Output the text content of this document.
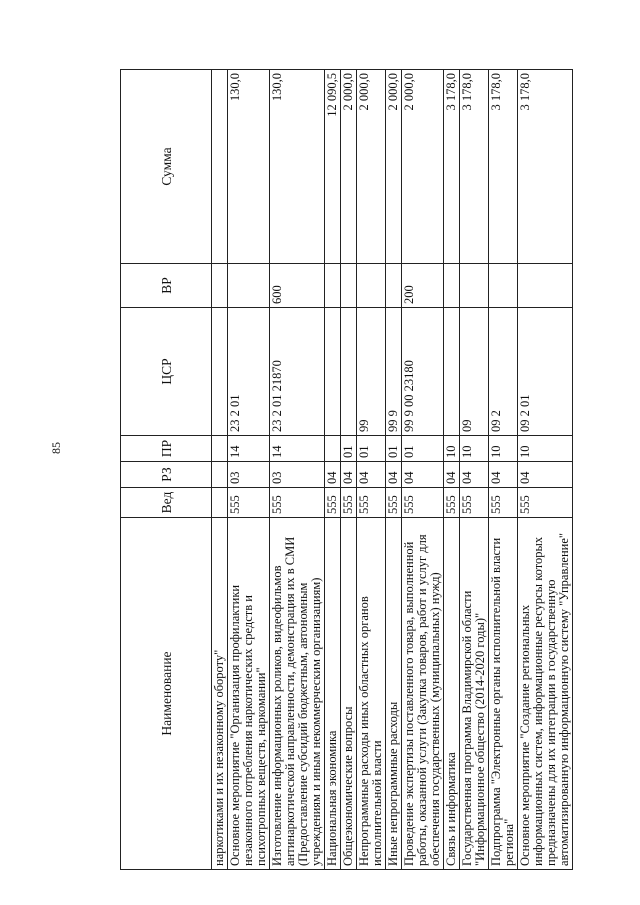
85
Наименование	Вед	РЗ	ПР	ЦСР	ВР	Сумма
наркотиками и их незаконному обороту"						
Основное мероприятие "Организация профилактики незаконного потребления наркотических средств и психотропных веществ, наркомании"	555	03	14	23 2 01		130,0
Изготовление информационных роликов, видеофильмов антинаркотической направленности, демонстрация их в СМИ (Предоставление субсидий бюджетным, автономным учреждениям и иным некоммерческим организациям)	555	03	14	23 2 01 21870	600	130,0
Национальная экономика	555	04				12 090,5
Общеэкономические вопросы	555	04	01			2 000,0
Непрограммные расходы иных областных органов исполнительной власти	555	04	01	99		2 000,0
Иные непрограммные расходы	555	04	01	99 9		2 000,0
Проведение экспертизы поставленного товара, выполненной работы, оказанной услуги (Закупка товаров, работ и услуг для обеспечения государственных (муниципальных) нужд)	555	04	01	99 9 00 23180	200	2 000,0
Связь и информатика	555	04	10			3 178,0
Государственная программа Владимирской области "Информационное общество (2014-2020 годы)"	555	04	10	09		3 178,0
Подпрограмма "Электронные органы исполнительной власти региона"	555	04	10	09 2		3 178,0
Основное мероприятие "Создание региональных информационных систем, информационные ресурсы которых предназначены для их интеграции в государственную автоматизированную информационную систему "Управление"	555	04	10	09 2 01		3 178,0
